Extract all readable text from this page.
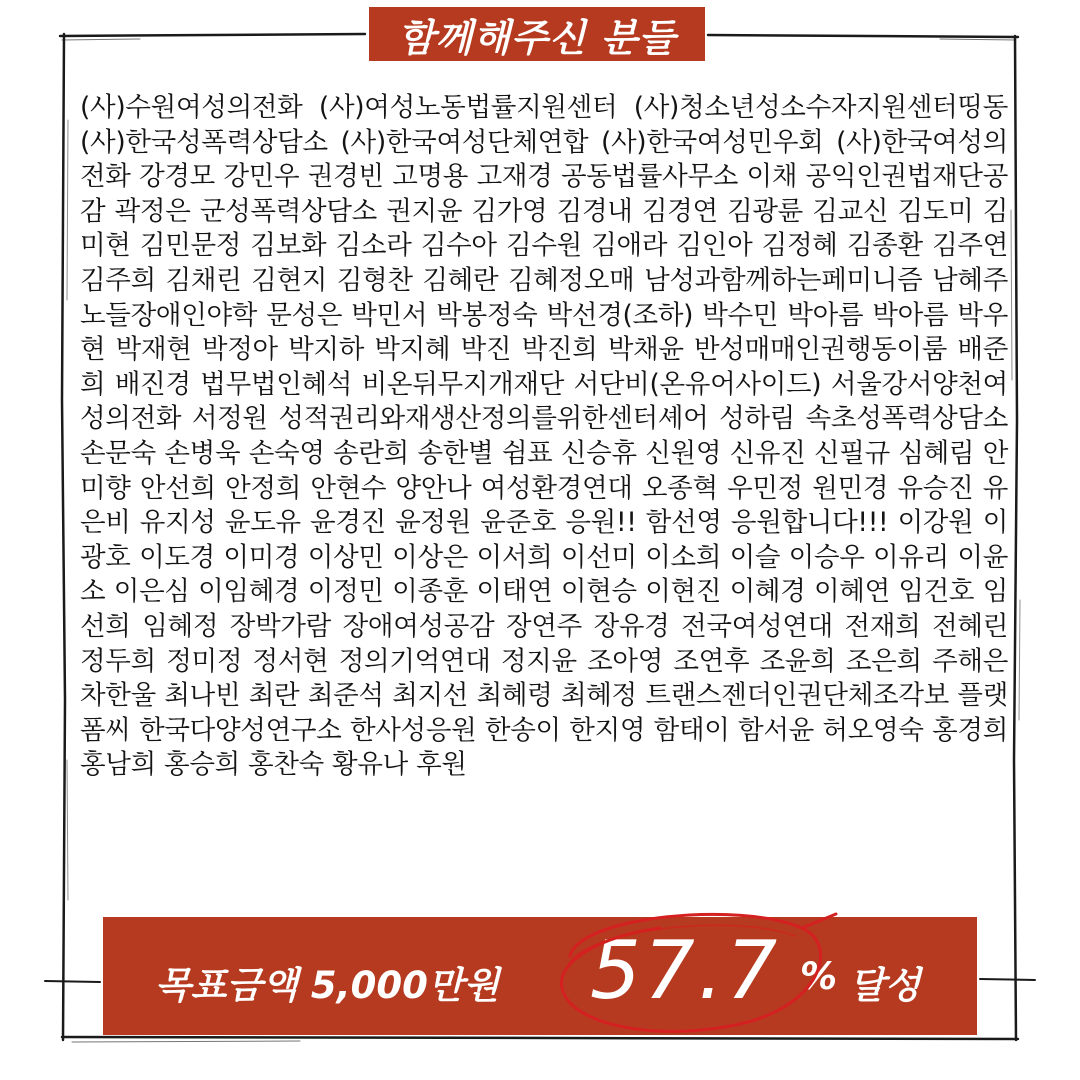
함께해주신 분들
(사)수원여성의전화 (사)여성노동법률지원센터 (사)청소년성소수자지원센터띵동 (사)한국성폭력상담소 (사)한국여성단체연합 (사)한국여성민우회 (사)한국여성의전화 강경모 강민우 권경빈 고명용 고재경 공동법률사무소 이채 공익인권법재단공감 곽정은 군성폭력상담소 권지윤 김가영 김경내 김경연 김광륜 김교신 김도미 김미현 김민문정 김보화 김소라 김수아 김수원 김애라 김인아 김정혜 김종환 김주연 김주희 김채린 김현지 김형찬 김혜란 김혜정오매 남성과함께하는페미니즘 남혜주 노들장애인야학 문성은 박민서 박봉정숙 박선경(조하) 박수민 박아름 박아름 박우현 박재현 박정아 박지하 박지혜 박진 박진희 박채윤 반성매매인권행동이룸 배준희 배진경 법무법인혜석 비온뒤무지개재단 서단비(온유어사이드) 서울강서양천여성의전화 서정원 성적권리와재생산정의를위한센터셰어 성하림 속초성폭력상담소 손문숙 손병욱 손숙영 송란희 송한별 쉼표 신승휴 신원영 신유진 신필규 심혜림 안미향 안선희 안정희 안현수 양안나 여성환경연대 오종혁 우민정 원민경 유승진 유은비 유지성 윤도유 윤경진 윤정원 윤준호 응원!! 함선영 응원합니다!!! 이강원 이광호 이도경 이미경 이상민 이상은 이서희 이선미 이소희 이슬 이승우 이유리 이윤소 이은심 이임혜경 이정민 이종훈 이태연 이현승 이현진 이혜경 이혜연 임건호 임선희 임혜정 장박가람 장애여성공감 장연주 장유경 전국여성연대 전재희 전혜린 정두희 정미정 정서현 정의기억연대 정지윤 조아영 조연후 조윤희 조은희 주해은 차한울 최나빈 최란 최준석 최지선 최혜령 최혜정 트랜스젠더인권단체조각보 플랫폼씨 한국다양성연구소 한사성응원 한송이 한지영 함태이 함서윤 허오영숙 홍경희 홍남희 홍승희 홍찬숙 황유나 후원
목표금액 5,000만원 57.7 % 달성
